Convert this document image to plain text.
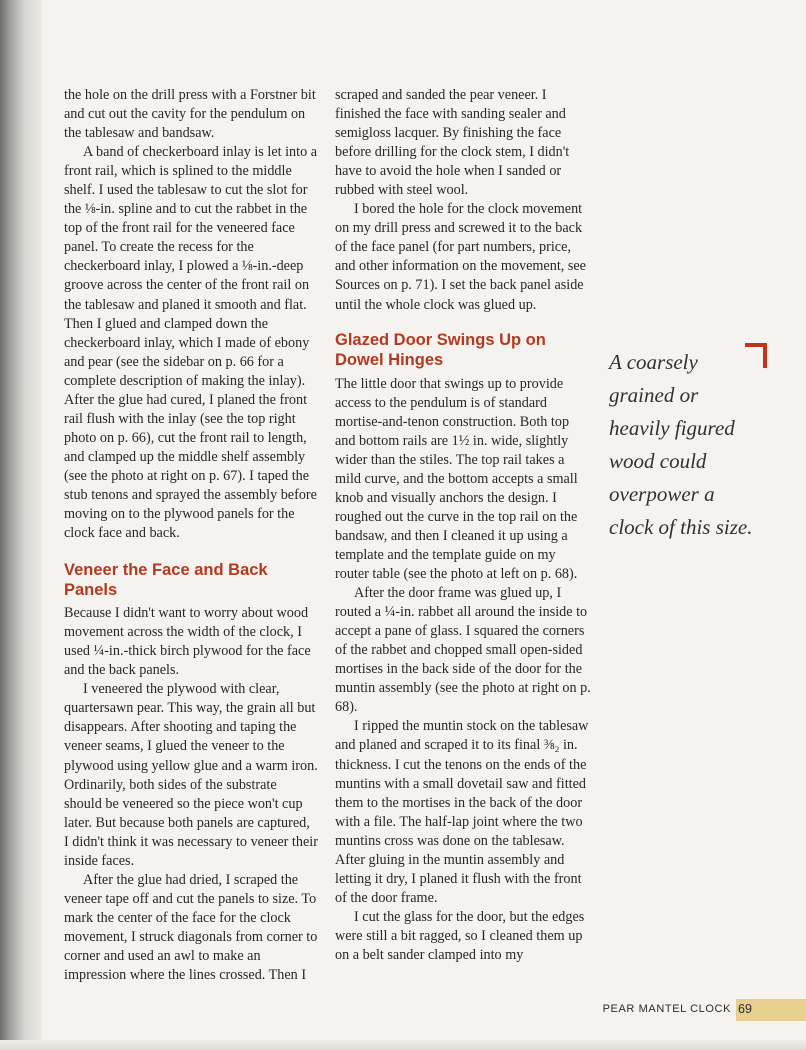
the hole on the drill press with a Forstner bit and cut out the cavity for the pendulum on the tablesaw and bandsaw.

A band of checkerboard inlay is let into a front rail, which is splined to the middle shelf. I used the tablesaw to cut the slot for the ⅛-in. spline and to cut the rabbet in the top of the front rail for the veneered face panel. To create the recess for the checkerboard inlay, I plowed a ⅛-in.-deep groove across the center of the front rail on the tablesaw and planed it smooth and flat. Then I glued and clamped down the checkerboard inlay, which I made of ebony and pear (see the sidebar on p. 66 for a complete description of making the inlay). After the glue had cured, I planed the front rail flush with the inlay (see the top right photo on p. 66), cut the front rail to length, and clamped up the middle shelf assembly (see the photo at right on p. 67). I taped the stub tenons and sprayed the assembly before moving on to the plywood panels for the clock face and back.

Veneer the Face and Back Panels

Because I didn't want to worry about wood movement across the width of the clock, I used ¼-in.-thick birch plywood for the face and the back panels.

I veneered the plywood with clear, quartersawn pear. This way, the grain all but disappears. After shooting and taping the veneer seams, I glued the veneer to the plywood using yellow glue and a warm iron. Ordinarily, both sides of the substrate should be veneered so the piece won't cup later. But because both panels are captured, I didn't think it was necessary to veneer their inside faces.

After the glue had dried, I scraped the veneer tape off and cut the panels to size. To mark the center of the face for the clock movement, I struck diagonals from corner to corner and used an awl to make an impression where the lines crossed. Then I

scraped and sanded the pear veneer. I finished the face with sanding sealer and semigloss lacquer. By finishing the face before drilling for the clock stem, I didn't have to avoid the hole when I sanded or rubbed with steel wool.

I bored the hole for the clock movement on my drill press and screwed it to the back of the face panel (for part numbers, price, and other information on the movement, see Sources on p. 71). I set the back panel aside until the whole clock was glued up.

Glazed Door Swings Up on Dowel Hinges

The little door that swings up to provide access to the pendulum is of standard mortise-and-tenon construction. Both top and bottom rails are 1½ in. wide, slightly wider than the stiles. The top rail takes a mild curve, and the bottom accepts a small knob and visually anchors the design. I roughed out the curve in the top rail on the bandsaw, and then I cleaned it up using a template and the template guide on my router table (see the photo at left on p. 68).

After the door frame was glued up, I routed a ¼-in. rabbet all around the inside to accept a pane of glass. I squared the corners of the rabbet and chopped small open-sided mortises in the back side of the door for the muntin assembly (see the photo at right on p. 68).

I ripped the muntin stock on the tablesaw and planed and scraped it to its final ⅜₂ in. thickness. I cut the tenons on the ends of the muntins with a small dovetail saw and fitted them to the mortises in the back of the door with a file. The half-lap joint where the two muntins cross was done on the tablesaw. After gluing in the muntin assembly and letting it dry, I planed it flush with the front of the door frame.

I cut the glass for the door, but the edges were still a bit ragged, so I cleaned them up on a belt sander clamped into my

A coarsely grained or heavily figured wood could overpower a clock of this size.
PEAR MANTEL CLOCK 69
